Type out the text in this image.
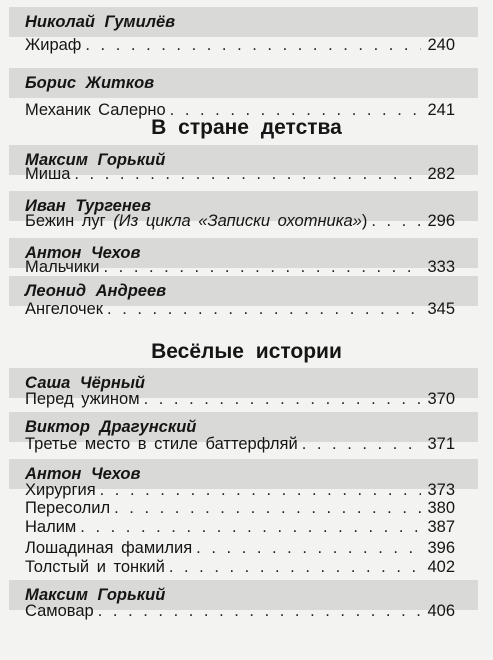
Николай Гумилёв
Жираф . . .	240
Борис Житков
Механик Салерно . . .	241
В стране детства
Максим Горький
Миша . . .	282
Иван Тургенев
Бежин луг (Из цикла «Записки охотника») . . .	296
Антон Чехов
Мальчики . . .	333
Леонид Андреев
Ангелочек . . .	345
Весёлые истории
Саша Чёрный
Перед ужином . . .	370
Виктор Драгунский
Третье место в стиле баттерфляй . . .	371
Антон Чехов
Хирургия . . .	373
Пересолил . . .	380
Налим . . .	387
Лошадиная фамилия . . .	396
Толстый и тонкий . . .	402
Максим Горький
Самовар . . .	406
